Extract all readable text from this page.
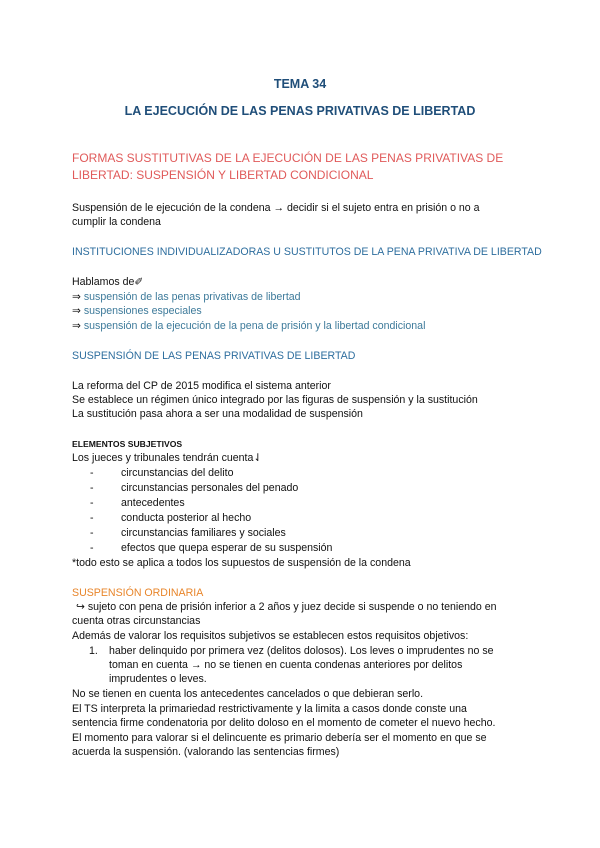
TEMA 34
LA EJECUCIÓN DE LAS PENAS PRIVATIVAS DE LIBERTAD
FORMAS SUSTITUTIVAS DE LA EJECUCIÓN DE LAS PENAS PRIVATIVAS DE
LIBERTAD: SUSPENSIÓN Y LIBERTAD CONDICIONAL
Suspensión de le ejecución de la condena → decidir si el sujeto entra en prisión o no a
cumplir la condena
INSTITUCIONES INDIVIDUALIZADORAS U SUSTITUTOS DE LA PENA PRIVATIVA DE LIBERTAD
Hablamos de✐
⇒ suspensión de las penas privativas de libertad
⇒ suspensiones especiales
⇒ suspensión de la ejecución de la pena de prisión y la libertad condicional
SUSPENSIÓN DE LAS PENAS PRIVATIVAS DE LIBERTAD
La reforma del CP de 2015 modifica el sistema anterior
Se establece un régimen único integrado por las figuras de suspensión y la sustitución
La sustitución pasa ahora a ser una modalidad de suspensión
ELEMENTOS SUBJETIVOS
Los jueces y tribunales tendrán cuenta⇃
-	circunstancias del delito
-	circunstancias personales del penado
-	antecedentes
-	conducta posterior al hecho
-	circunstancias familiares y sociales
-	efectos que quepa esperar de su suspensión
*todo esto se aplica a todos los supuestos de suspensión de la condena
SUSPENSIÓN ORDINARIA
↪ sujeto con pena de prisión inferior a 2 años y juez decide si suspende o no teniendo en
cuenta otras circunstancias
Además de valorar los requisitos subjetivos se establecen estos requisitos objetivos:
1. haber delinquido por primera vez (delitos dolosos). Los leves o imprudentes no se
toman en cuenta → no se tienen en cuenta condenas anteriores por delitos
imprudentes o leves.
No se tienen en cuenta los antecedentes cancelados o que debieran serlo.
El TS interpreta la primariedad restrictivamente y la limita a casos donde conste una
sentencia firme condenatoria por delito doloso en el momento de cometer el nuevo hecho.
El momento para valorar si el delincuente es primario debería ser el momento en que se
acuerda la suspensión. (valorando las sentencias firmes)
